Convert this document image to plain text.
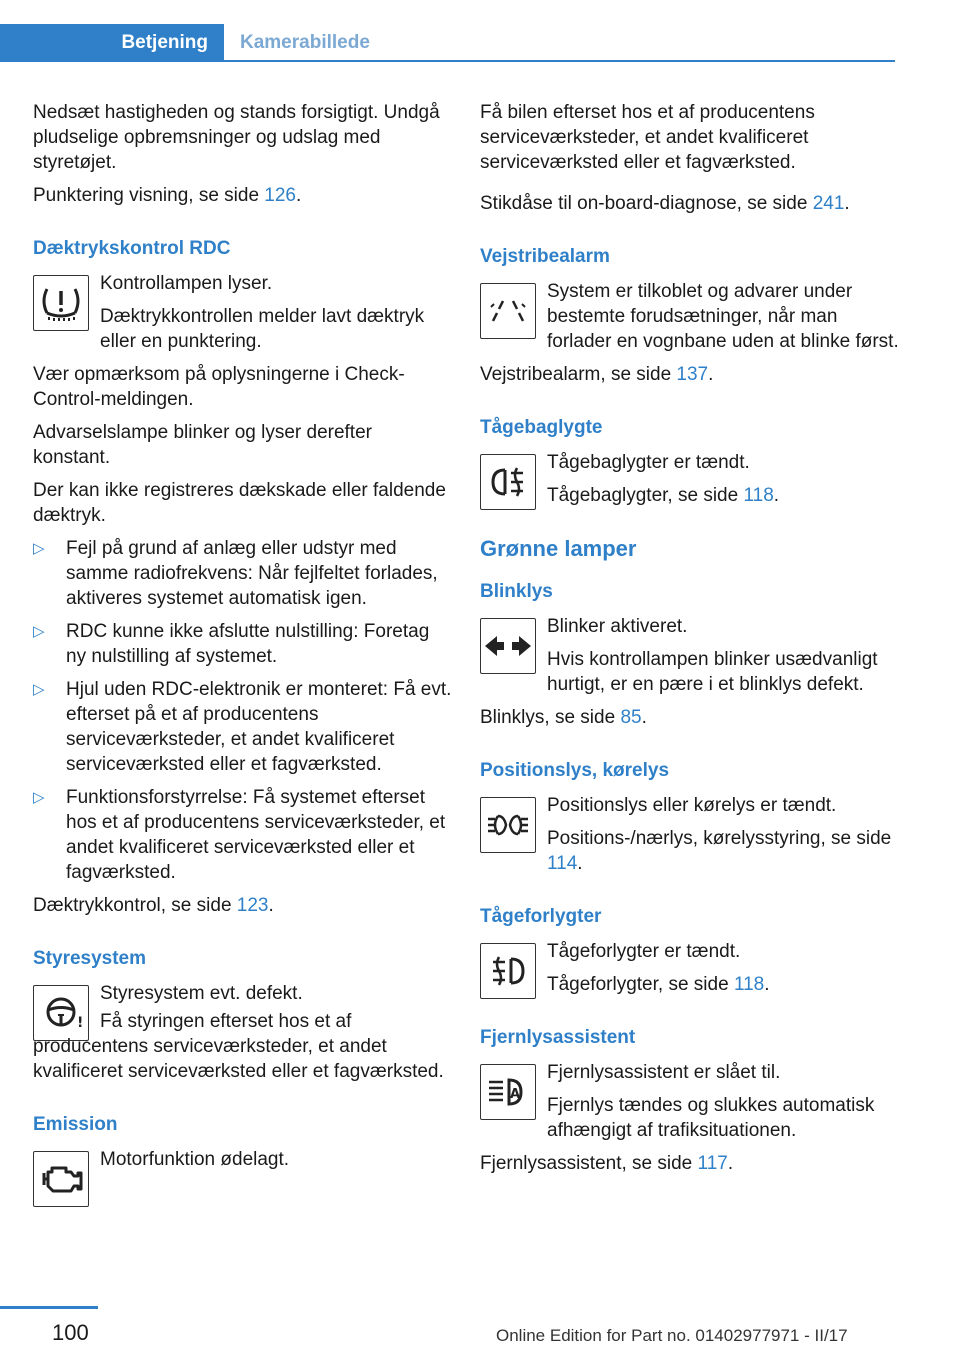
Betjening	Kamerabillede

Nedsæt hastigheden og stands forsigtigt. Undgå pludselige opbremsninger og udslag med styretøjet.

Punktering visning, se side 126.

Dæktrykskontrol RDC

Kontrollampen lyser.

Dæktrykkontrollen melder lavt dæktryk eller en punktering.

Vær opmærksom på oplysningerne i Check-Control-meldingen.

Advarselslampe blinker og lyser derefter konstant.

Der kan ikke registreres dækskade eller faldende dæktryk.

▷ Fejl på grund af anlæg eller udstyr med samme radiofrekvens: Når fejlfeltet forlades, aktiveres systemet automatisk igen.
▷ RDC kunne ikke afslutte nulstilling: Foretag ny nulstilling af systemet.
▷ Hjul uden RDC-elektronik er monteret: Få evt. efterset på et af producentens serviceværksteder, et andet kvalificeret serviceværksted eller et fagværksted.
▷ Funktionsforstyrrelse: Få systemet efterset hos et af producentens serviceværksteder, et andet kvalificeret serviceværksted eller et fagværksted.

Dæktrykkontrol, se side 123.

Styresystem
!

Styresystem evt. defekt.

Få styringen efterset hos et af producentens serviceværksteder, et andet kvalificeret serviceværksted eller et fagværksted.

Emission

Motorfunktion ødelagt.

Få bilen efterset hos et af producentens serviceværksteder, et andet kvalificeret serviceværksted eller et fagværksted.

Stikdåse til on-board-diagnose, se side 241.

Vejstribealarm

System er tilkoblet og advarer under bestemte forudsætninger, når man forlader en vognbane uden at blinke først.

Vejstribealarm, se side 137.

Tågebaglygte

Tågebaglygter er tændt.

Tågebaglygter, se side 118.

Grønne lamper
Blinklys

Blinker aktiveret.

Hvis kontrollampen blinker usædvanligt hurtigt, er en pære i et blinklys defekt.

Blinklys, se side 85.

Positionslys, kørelys

Positionslys eller kørelys er tændt.

Positions-/nærlys, kørelysstyring, se side 114.

Tågeforlygter

Tågeforlygter er tændt.

Tågeforlygter, se side 118.

Fjernlysassistent
A

Fjernlysassistent er slået til.

Fjernlys tændes og slukkes automatisk afhængigt af trafiksituationen.

Fjernlysassistent, se side 117.

100	Online Edition for Part no. 01402977971 - II/17
